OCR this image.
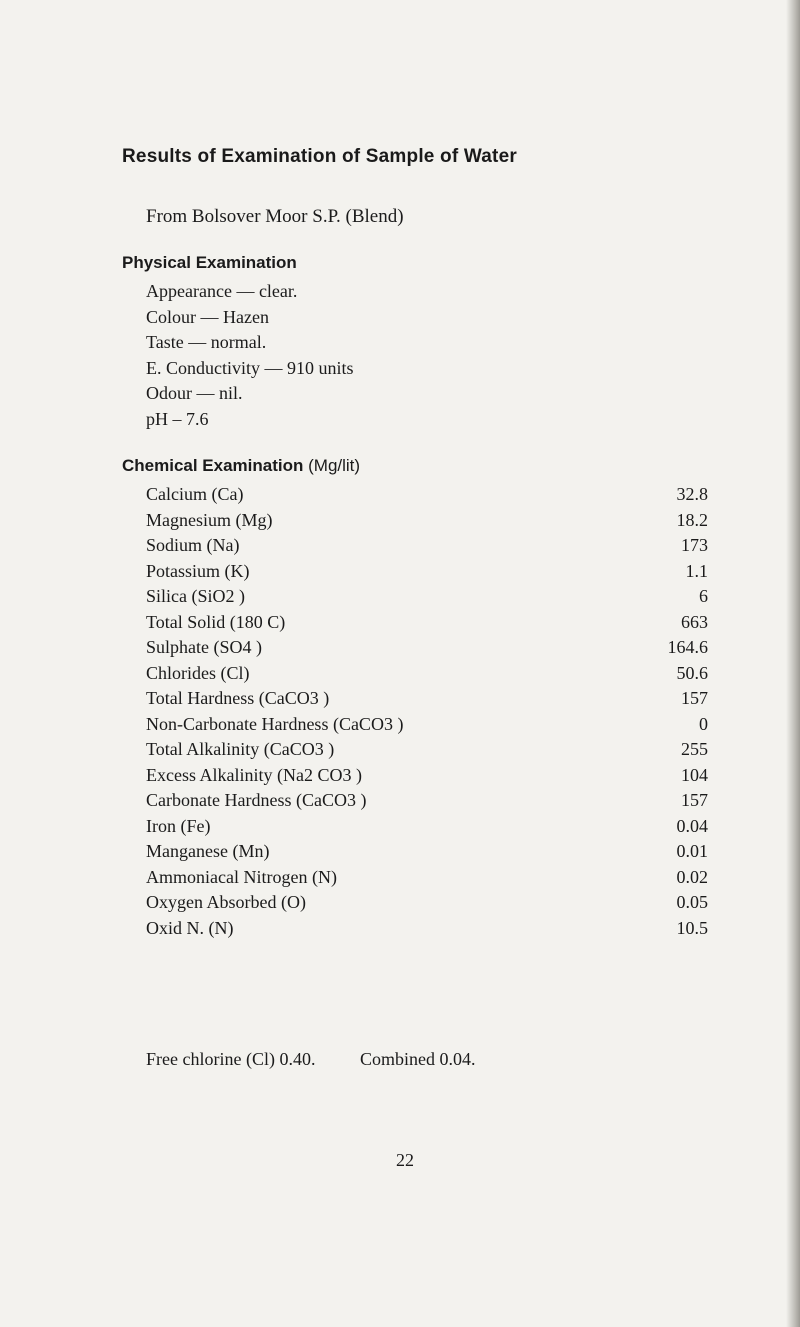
Results of Examination of Sample of Water
From Bolsover Moor S.P. (Blend)
Physical Examination
Appearance — clear.
Colour — Hazen
Taste — normal.
E. Conductivity — 910 units
Odour — nil.
pH – 7.6
Chemical Examination (Mg/lit)
Calcium (Ca)	32.8
Magnesium (Mg)	18.2
Sodium (Na)	173
Potassium (K)	1.1
Silica (SiO2 )	6
Total Solid (180 C)	663
Sulphate (SO4 )	164.6
Chlorides (Cl)	50.6
Total Hardness (CaCO3 )	157
Non-Carbonate Hardness (CaCO3 )	0
Total Alkalinity (CaCO3 )	255
Excess Alkalinity (Na2 CO3 )	104
Carbonate Hardness (CaCO3 )	157
Iron (Fe)	0.04
Manganese (Mn)	0.01
Ammoniacal Nitrogen (N)	0.02
Oxygen Absorbed (O)	0.05
Oxid N. (N)	10.5
Free chlorine (Cl) 0.40. Combined 0.04.
22
